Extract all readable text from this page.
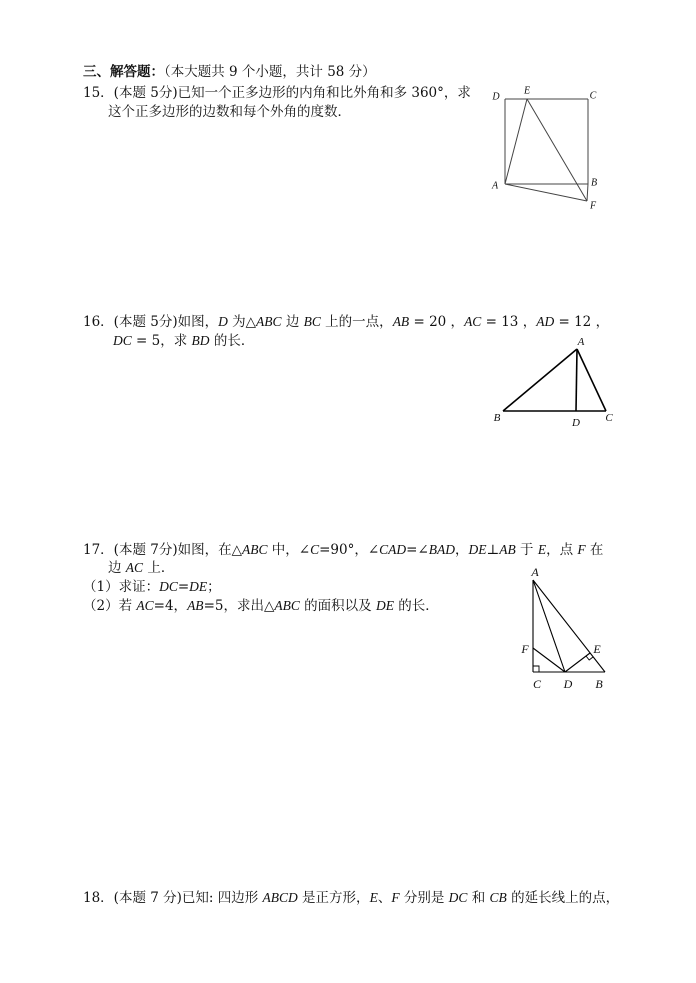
三、解答题：（本大题共 9 个小题，共计 58 分）
15．(本题 5分)已知一个正多边形的内角和比外角和多 360°，求
这个正多边形的边数和每个外角的度数．
D
E	C
A	B
F
16．(本题 5分)如图，D 为△ABC 边 BC 上的一点，AB = 20 ，AC = 13 ，AD = 12 ，
DC = 5，求 BD 的长．	A
B	D C
17．(本题 7分)如图，在△ABC 中，∠C=90°，∠CAD=∠BAD，DE⊥AB 于 E，点 F 在
边 AC 上．
（1）求证：DC=DE；
（2）若 AC=4，AB=5，求出△ABC 的面积以及 DE 的长．
A
F	E
C D B
18．(本题 7 分)已知: 四边形 ABCD 是正方形，E、F 分别是 DC 和 CB 的延长线上的点，
